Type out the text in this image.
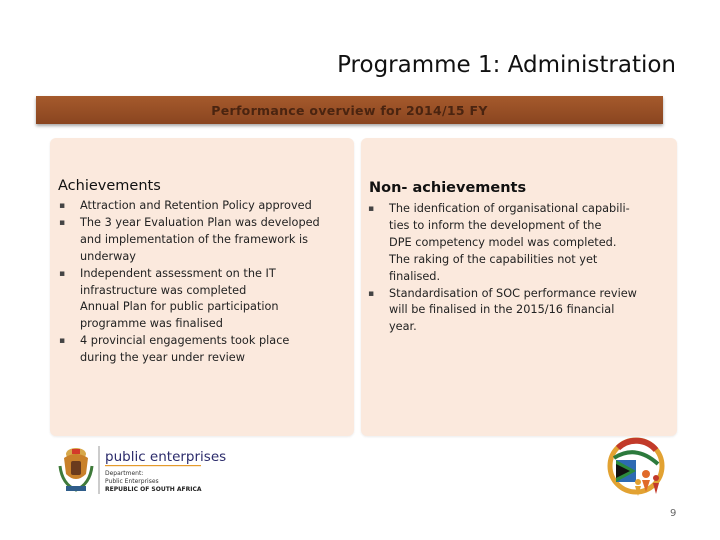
Programme 1: Administration
Performance overview for 2014/15 FY
Achievements
▪ Attraction and Retention Policy approved
▪ The 3 year Evaluation Plan was developed
and implementation of the framework is
underway
▪ Independent assessment on the IT
infrastructure was completed
Annual Plan for public participation
programme was finalised
▪ 4 provincial engagements took place
during the year under review
Non- achievements
▪ The idenfication of organisational capabili-
ties to inform the development of the
DPE competency model was completed.
The raking of the capabilities not yet
finalised.
▪ Standardisation of SOC performance review
will be finalised in the 2015/16 financial
year.
public enterprises
Department:
Public Enterprises
REPUBLIC OF SOUTH AFRICA
9
